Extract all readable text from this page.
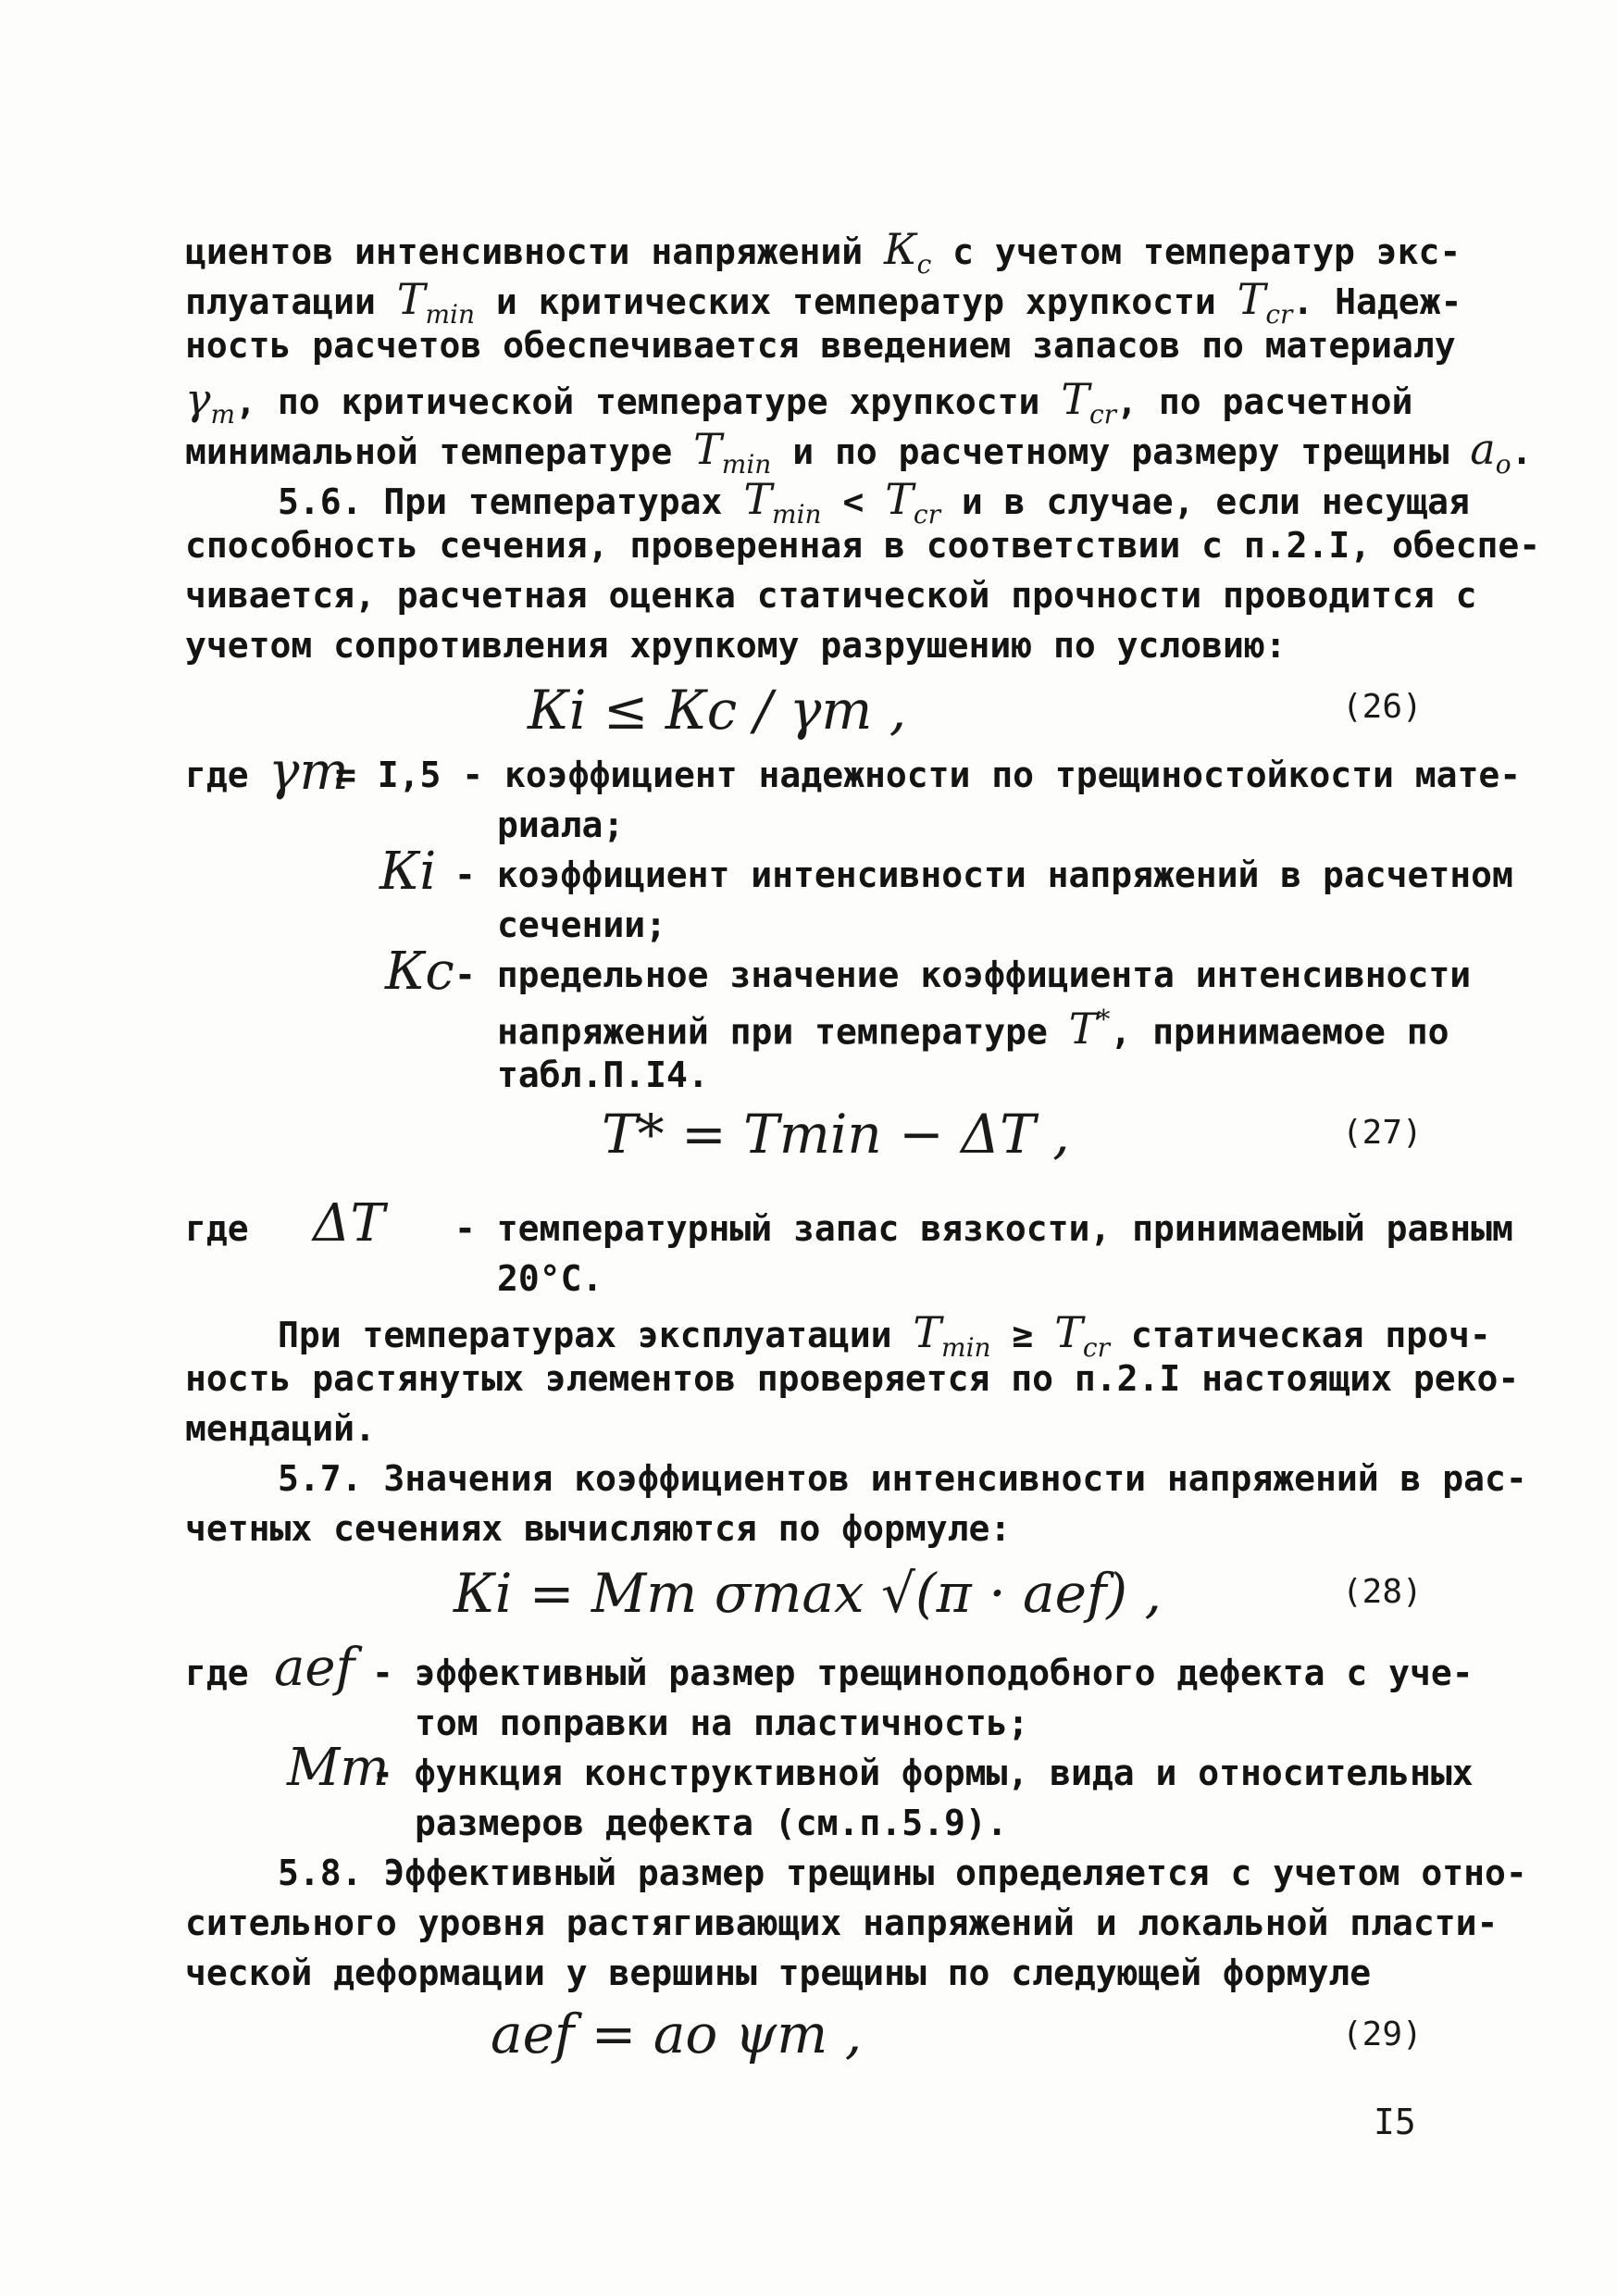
циентов интенсивности напряжений $К_с$ с учетом температур экс-

плуатации $Т_{min}$ и критических температур хрупкости $Т_{cr}$. Надеж-

ность расчетов обеспечивается введением запасов по материалу

$\gamma_т$, по критической температуре хрупкости $Т_{cr}$, по расчетной

минимальной температуре $Т_{min}$ и по расчетному размеру трещины $a_o$.

5.6. При температурах $Т_{min} < Т_{cr}$ и в случае, если несущая

способность сечения, проверенная в соответствии с п.2.I, обеспе-

чивается, расчетная оценка статической прочности проводится с

учетом сопротивления хрупкому разрушению по условию:

Кi ≤ Кc / γт ,	(26)

где γт

= I,5 - коэффициент надежности по трещиностойкости мате-

риала;

Кi - коэффициент интенсивности напряжений в расчетном

сечении;

Кc - предельное значение коэффициента интенсивности

напряжений при температуре Т*, принимаемое по

табл.П.I4.

Т* = Тmin − ΔТ ,	(27)

где ΔТ - температурный запас вязкости, принимаемый равным

20°С.

При температурах эксплуатации $Т_{min} \ge Т_{cr}$ статическая проч-

ность растянутых элементов проверяется по п.2.I настоящих реко-

мендаций.

5.7. Значения коэффициентов интенсивности напряжений в рас-

четных сечениях вычисляются по формуле:

Кi = Мт σmax √(π · aef) ,	(28)

где aef - эффективный размер трещиноподобного дефекта с уче-

том поправки на пластичность;

Мт

- функция конструктивной формы, вида и относительных

размеров дефекта (см.п.5.9).

5.8. Эффективный размер трещины определяется с учетом отно-

сительного уровня растягивающих напряжений и локальной пласти-

ческой деформации у вершины трещины по следующей формуле

aef = ao ψт ,	(29)

I5
